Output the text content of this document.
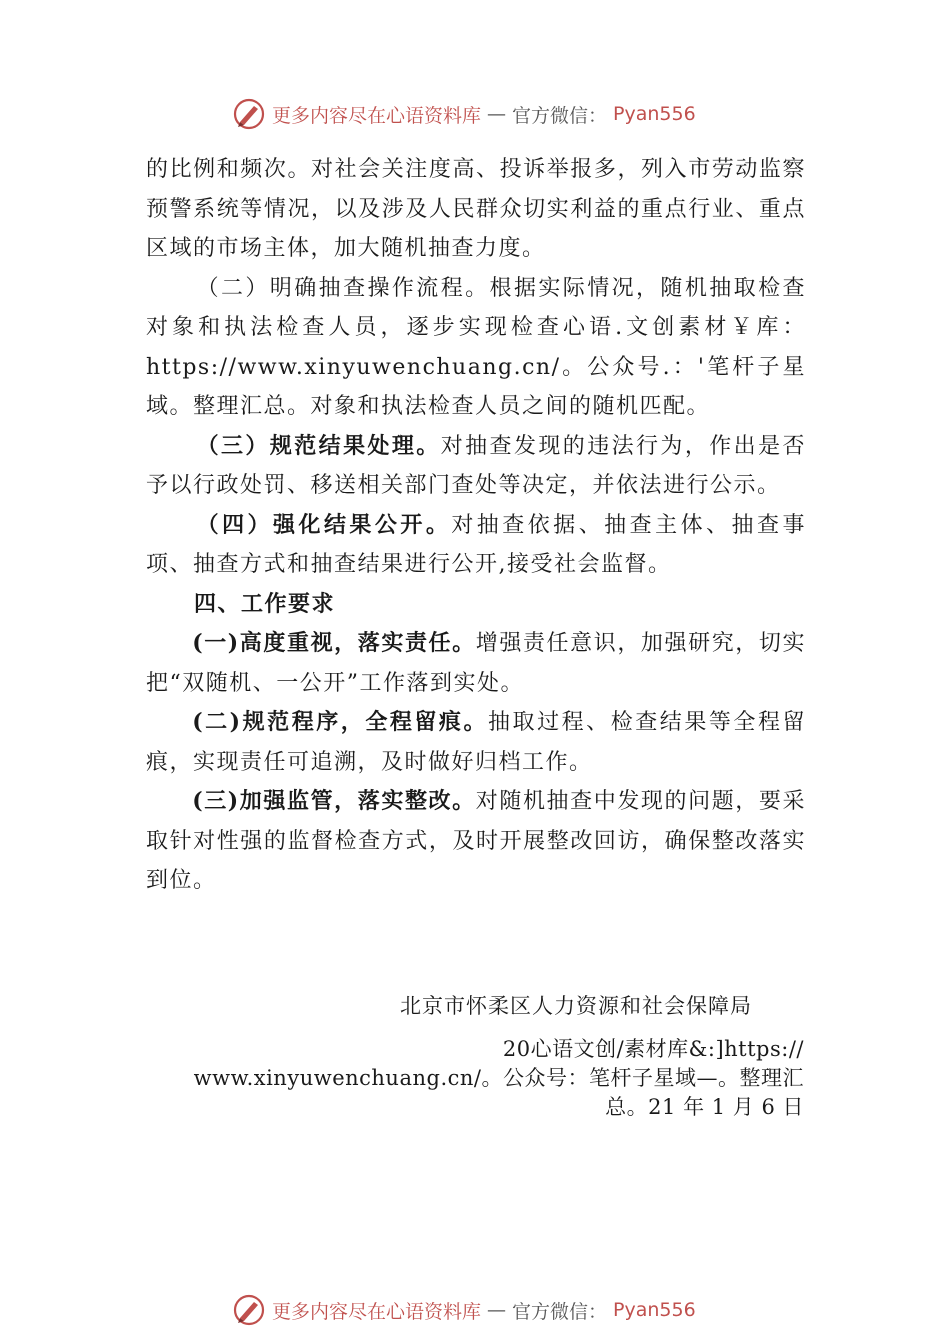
更多内容尽在心语资料库 — 官方微信： Pyan556

的比例和频次。对社会关注度高、投诉举报多，列入市劳动监察预警系统等情况，以及涉及人民群众切实利益的重点行业、重点区域的市场主体，加大随机抽查力度。

（二）明确抽查操作流程。根据实际情况，随机抽取检查对象和执法检查人员，逐步实现检查心语.文创素材￥库：https://www.xinyuwenchuang.cn/。公众号.：'笔杆子星域。整理汇总。对象和执法检查人员之间的随机匹配。

（三）规范结果处理。对抽查发现的违法行为，作出是否予以行政处罚、移送相关部门查处等决定，并依法进行公示。

（四）强化结果公开。对抽查依据、抽查主体、抽查事项、抽查方式和抽查结果进行公开,接受社会监督。

四、工作要求

(一)高度重视，落实责任。增强责任意识，加强研究，切实把“双随机、一公开”工作落到实处。

(二)规范程序，全程留痕。抽取过程、检查结果等全程留痕，实现责任可追溯，及时做好归档工作。

(三)加强监管，落实整改。对随机抽查中发现的问题，要采取针对性强的监督检查方式，及时开展整改回访，确保整改落实到位。

北京市怀柔区人力资源和社会保障局
20心语文创/素材库&:]https://
www.xinyuwenchuang.cn/。公众号：笔杆子星域—。整理汇
总。21 年 1 月 6 日
更多内容尽在心语资料库 — 官方微信： Pyan556
